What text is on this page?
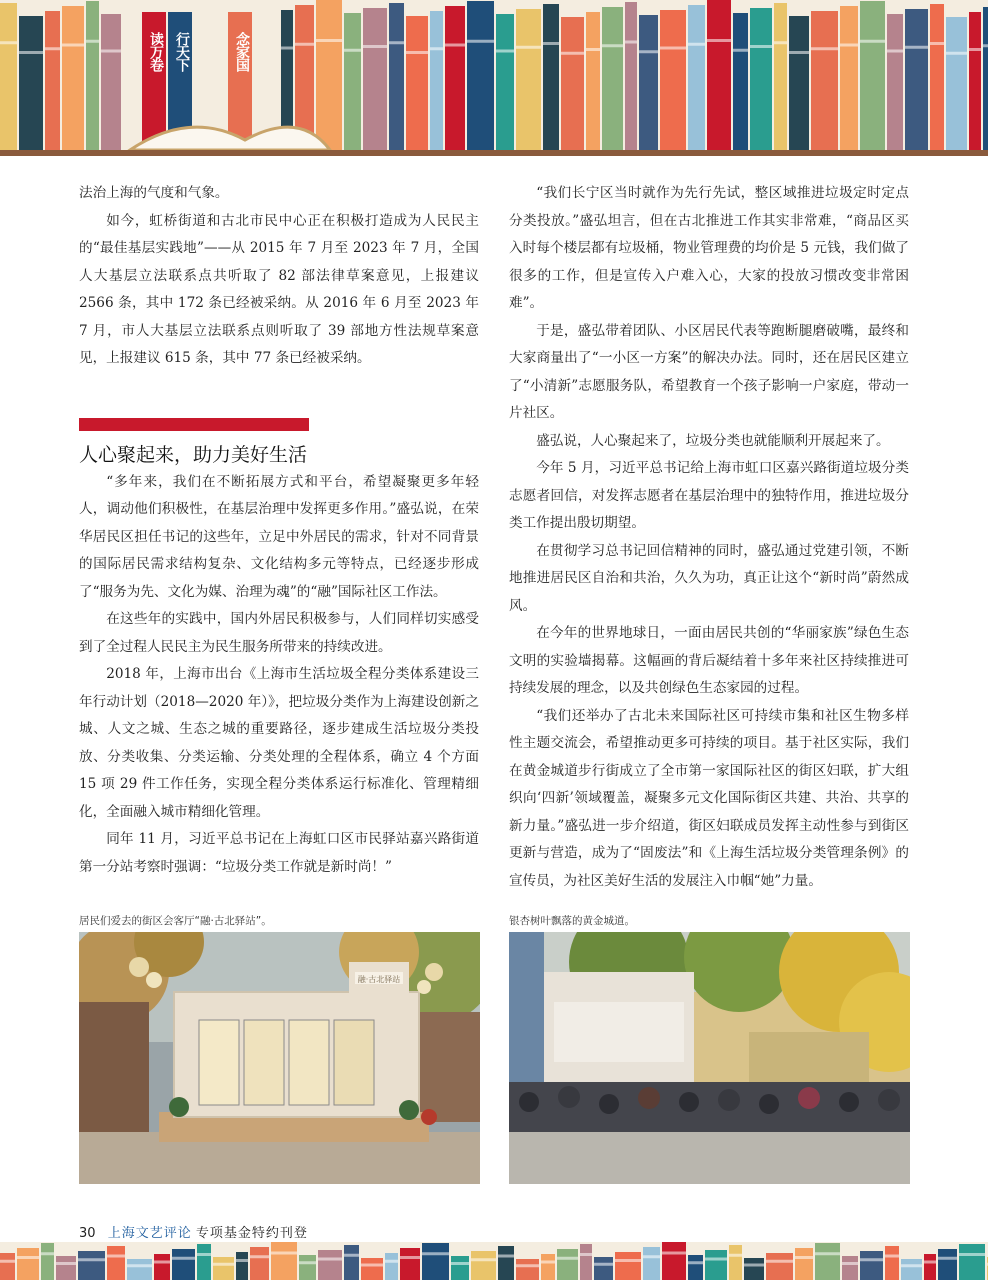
读万卷 行天下	念家国

法治上海的气度和气象。

如今，虹桥街道和古北市民中心正在积极打造成为人民民主的“最佳基层实践地”——从 2015 年 7 月至 2023 年 7 月，全国人大基层立法联系点共听取了 82 部法律草案意见，上报建议 2566 条，其中 172 条已经被采纳。从 2016 年 6 月至 2023 年 7 月，市人大基层立法联系点则听取了 39 部地方性法规草案意见，上报建议 615 条，其中 77 条已经被采纳。

人心聚起来，助力美好生活

“多年来，我们在不断拓展方式和平台，希望凝聚更多年轻人，调动他们积极性，在基层治理中发挥更多作用。”盛弘说，在荣华居民区担任书记的这些年，立足中外居民的需求，针对不同背景的国际居民需求结构复杂、文化结构多元等特点，已经逐步形成了“服务为先、文化为媒、治理为魂”的“融”国际社区工作法。

在这些年的实践中，国内外居民积极参与，人们同样切实感受到了全过程人民民主为民生服务所带来的持续改进。

2018 年，上海市出台《上海市生活垃圾全程分类体系建设三年行动计划（2018—2020 年）》，把垃圾分类作为上海建设创新之城、人文之城、生态之城的重要路径，逐步建成生活垃圾分类投放、分类收集、分类运输、分类处理的全程体系，确立 4 个方面 15 项 29 件工作任务，实现全程分类体系运行标准化、管理精细化，全面融入城市精细化管理。

同年 11 月，习近平总书记在上海虹口区市民驿站嘉兴路街道第一分站考察时强调：“垃圾分类工作就是新时尚！”

“我们长宁区当时就作为先行先试，整区域推进垃圾定时定点分类投放。”盛弘坦言，但在古北推进工作其实非常难，“商品区买入时每个楼层都有垃圾桶，物业管理费的均价是 5 元钱，我们做了很多的工作，但是宣传入户难入心，大家的投放习惯改变非常困难”。

于是，盛弘带着团队、小区居民代表等跑断腿磨破嘴，最终和大家商量出了“一小区一方案”的解决办法。同时，还在居民区建立了“小清新”志愿服务队，希望教育一个孩子影响一户家庭，带动一片社区。

盛弘说，人心聚起来了，垃圾分类也就能顺利开展起来了。

今年 5 月，习近平总书记给上海市虹口区嘉兴路街道垃圾分类志愿者回信，对发挥志愿者在基层治理中的独特作用，推进垃圾分类工作提出殷切期望。

在贯彻学习总书记回信精神的同时，盛弘通过党建引领，不断地推进居民区自治和共治，久久为功，真正让这个“新时尚”蔚然成风。

在今年的世界地球日，一面由居民共创的“华丽家族”绿色生态文明的实验墙揭幕。这幅画的背后凝结着十多年来社区持续推进可持续发展的理念，以及共创绿色生态家园的过程。

“我们还举办了古北未来国际社区可持续市集和社区生物多样性主题交流会，希望推动更多可持续的项目。基于社区实际，我们在黄金城道步行街成立了全市第一家国际社区的街区妇联，扩大组织向‘四新’领域覆盖，凝聚多元文化国际街区共建、共治、共享的新力量。”盛弘进一步介绍道，街区妇联成员发挥主动性参与到街区更新与营造，成为了“固废法”和《上海生活垃圾分类管理条例》的宣传员，为社区美好生活的发展注入巾帼“她”力量。

居民们爱去的街区会客厅“融·古北驿站”。	银杏树叶飘落的黄金城道。
融·古北驿站
30 上海文艺评论 专项基金特约刊登
